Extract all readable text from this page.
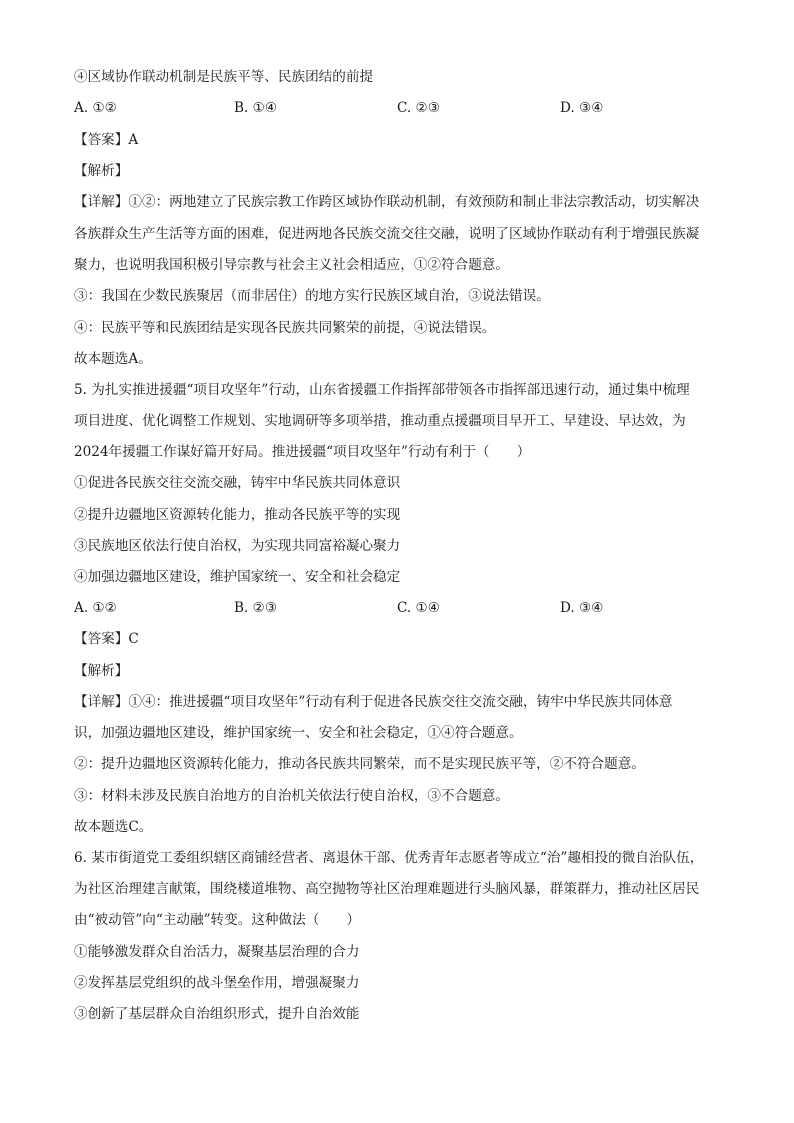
④区域协作联动机制是民族平等、民族团结的前提
A. ①②	B. ①④	C. ②③	D. ③④
【答案】A
【解析】
【详解】①②：两地建立了民族宗教工作跨区域协作联动机制，有效预防和制止非法宗教活动，切实解决
各族群众生产生活等方面的困难，促进两地各民族交流交往交融，说明了区域协作联动有利于增强民族凝
聚力，也说明我国积极引导宗教与社会主义社会相适应，①②符合题意。
③：我国在少数民族聚居（而非居住）的地方实行民族区域自治，③说法错误。
④：民族平等和民族团结是实现各民族共同繁荣的前提，④说法错误。
故本题选A。
5. 为扎实推进援疆“项目攻坚年”行动，山东省援疆工作指挥部带领各市指挥部迅速行动，通过集中梳理
项目进度、优化调整工作规划、实地调研等多项举措，推动重点援疆项目早开工、早建设、早达效，为
2024年援疆工作谋好篇开好局。推进援疆“项目攻坚年”行动有利于（　　）
①促进各民族交往交流交融，铸牢中华民族共同体意识
②提升边疆地区资源转化能力，推动各民族平等的实现
③民族地区依法行使自治权，为实现共同富裕凝心聚力
④加强边疆地区建设，维护国家统一、安全和社会稳定
A. ①②	B. ②③	C. ①④	D. ③④
【答案】C
【解析】
【详解】①④：推进援疆“项目攻坚年”行动有利于促进各民族交往交流交融，铸牢中华民族共同体意
识，加强边疆地区建设，维护国家统一、安全和社会稳定，①④符合题意。
②：提升边疆地区资源转化能力，推动各民族共同繁荣，而不是实现民族平等，②不符合题意。
③：材料未涉及民族自治地方的自治机关依法行使自治权，③不合题意。
故本题选C。
6. 某市街道党工委组织辖区商铺经营者、离退休干部、优秀青年志愿者等成立“治”趣相投的微自治队伍，
为社区治理建言献策，围绕楼道堆物、高空抛物等社区治理难题进行头脑风暴，群策群力，推动社区居民
由“被动管”向“主动融”转变。这种做法（　　）
①能够激发群众自治活力，凝聚基层治理的合力
②发挥基层党组织的战斗堡垒作用，增强凝聚力
③创新了基层群众自治组织形式，提升自治效能
